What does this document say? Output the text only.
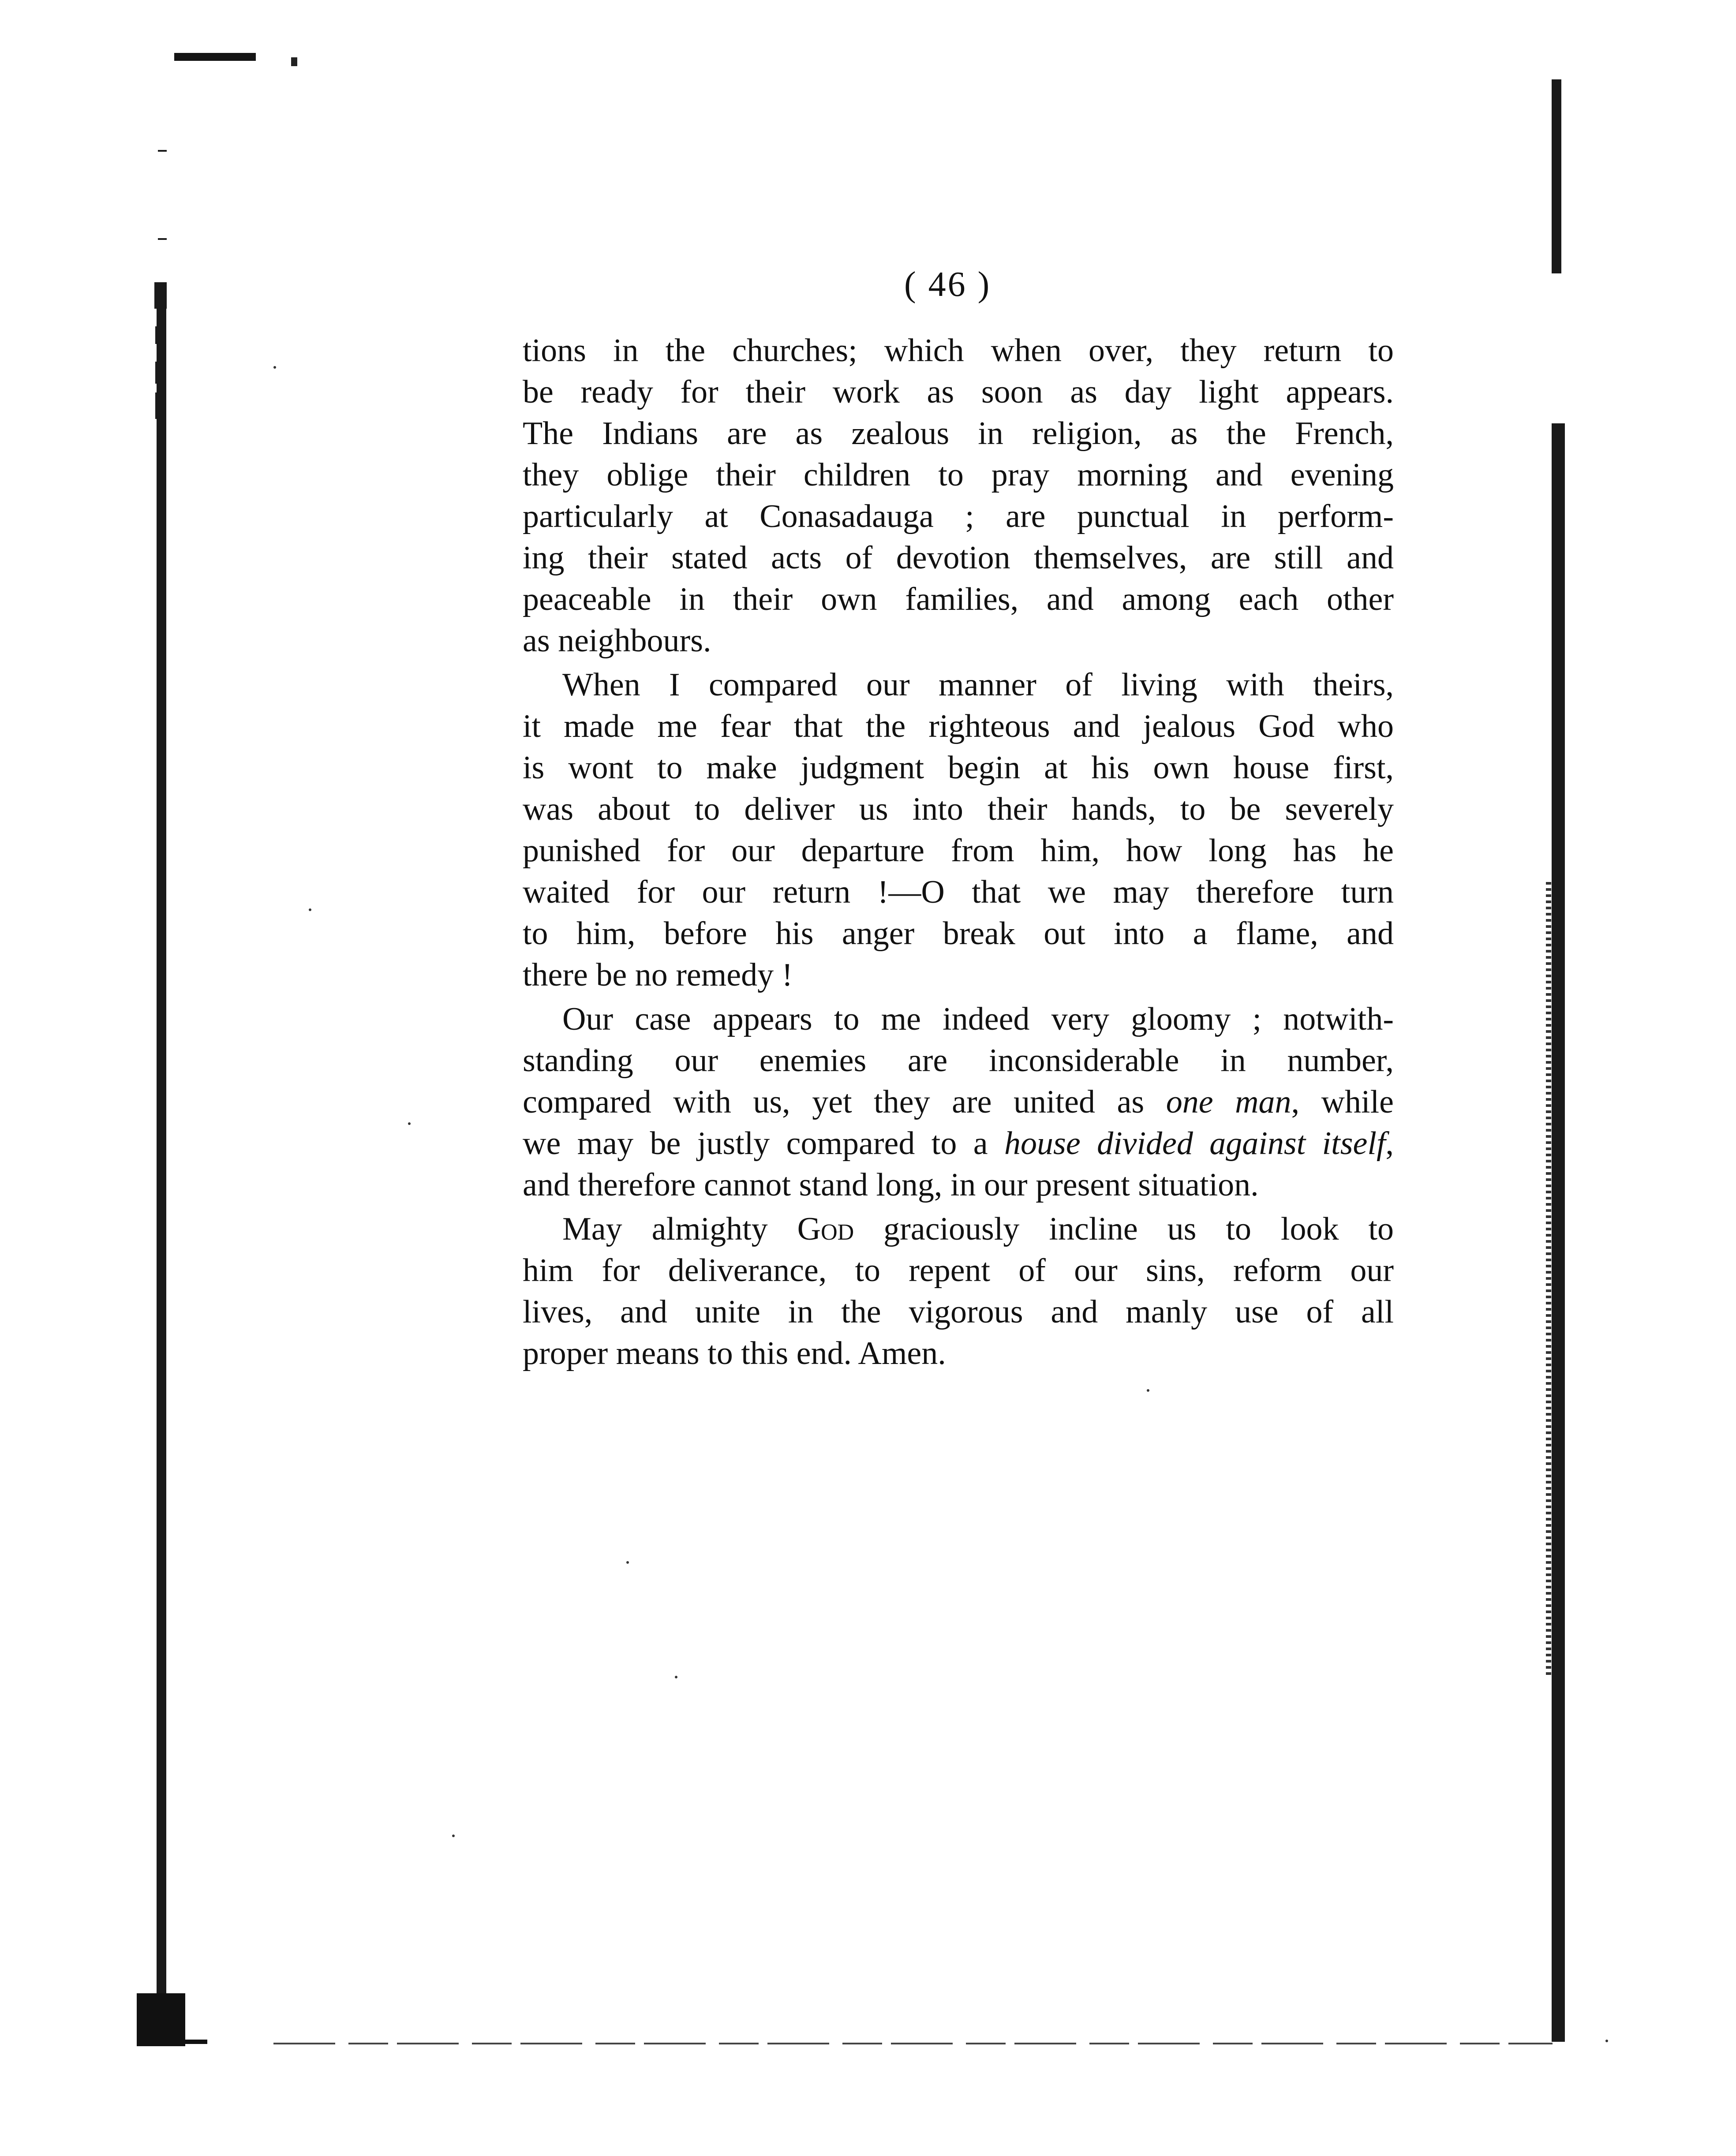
( 46 )

tions in the churches; which when over, they return to
be ready for their work as soon as day light appears.
The Indians are as zealous in religion, as the French,
they oblige their children to pray morning and evening
particularly at Conasadauga ; are punctual in perform-
ing their stated acts of devotion themselves, are still and
peaceable in their own families, and among each other
as neighbours.

When I compared our manner of living with theirs,
it made me fear that the righteous and jealous God who
is wont to make judgment begin at his own house first,
was about to deliver us into their hands, to be severely
punished for our departure from him, how long has he
waited for our return !—O that we may therefore turn
to him, before his anger break out into a flame, and
there be no remedy !

Our case appears to me indeed very gloomy ; notwith-
standing our enemies are inconsiderable in number,
compared with us, yet they are united as one man, while
we may be justly compared to a house divided against itself,
and therefore cannot stand long, in our present situation.

May almighty God graciously incline us to look to
him for deliverance, to repent of our sins, reform our
lives, and unite in the vigorous and manly use of all
proper means to this end. Amen.
